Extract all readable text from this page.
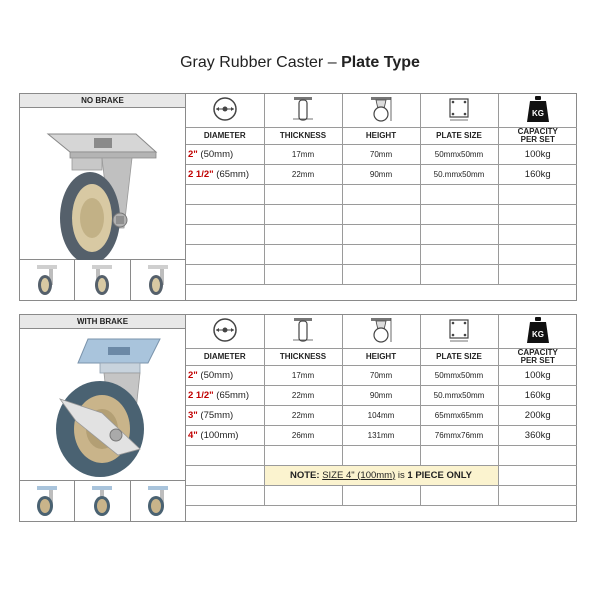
Gray Rubber Caster – Plate Type
NO BRAKE

KG

DIAMETER	THICKNESS	HEIGHT	PLATE SIZE	CAPACITY
PER SET
2" (50mm)	17mm	70mm	50mmx50mm	100kg
2 1/2" (65mm)	22mm	90mm	50.mmx50mm	160kg

WITH BRAKE

KG

DIAMETER	THICKNESS	HEIGHT	PLATE SIZE	CAPACITY
PER SET
2" (50mm)	17mm	70mm	50mmx50mm	100kg
2 1/2" (65mm)	22mm	90mm	50.mmx50mm	160kg
3" (75mm)	22mm	104mm	65mmx65mm	200kg
4" (100mm)	26mm	131mm	76mmx76mm	360kg

	NOTE: SIZE 4" (100mm) is 1 PIECE ONLY			
